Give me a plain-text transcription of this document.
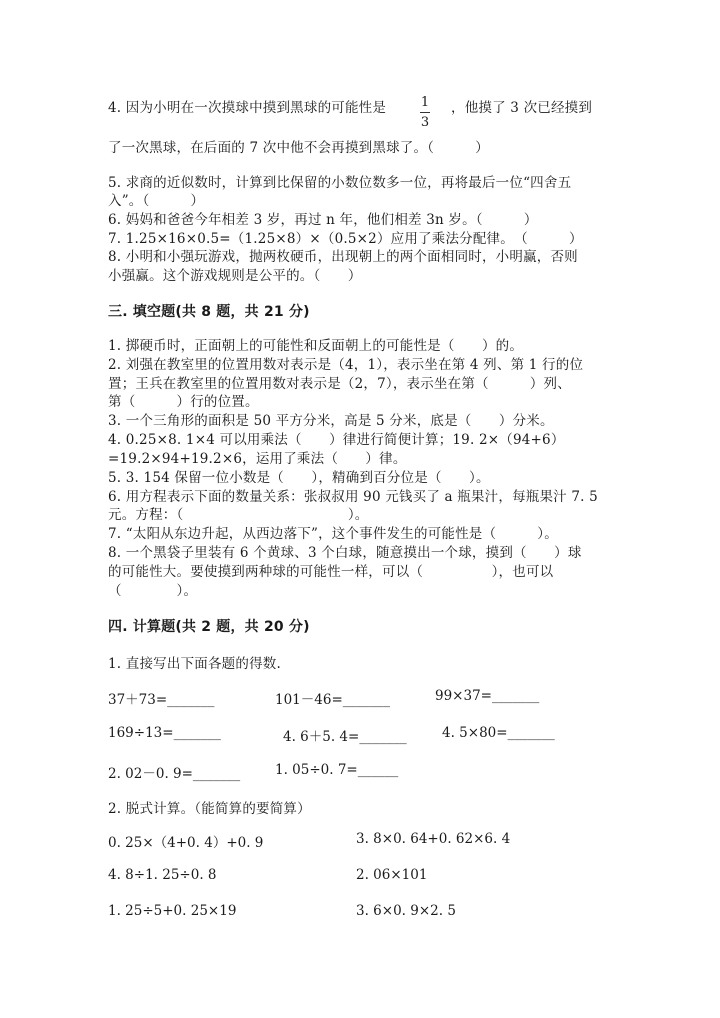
4. 因为小明在一次摸球中摸到黑球的可能性是	1
3
，他摸了 3 次已经摸到
了一次黑球，在后面的 7 次中他不会再摸到黑球了。（　　　）
5. 求商的近似数时，计算到比保留的小数位数多一位，再将最后一位“四舍五
入”。（　　　）
6. 妈妈和爸爸今年相差 3 岁，再过 n 年，他们相差 3n 岁。（　　　）
7. 1.25×16×0.5=（1.25×8）×（0.5×2）应用了乘法分配律。　（　　　）
8. 小明和小强玩游戏，抛两枚硬币，出现朝上的两个面相同时，小明赢，否则
小强赢。这个游戏规则是公平的。（　　）
三. 填空题(共 8 题，共 21 分)
1. 掷硬币时，正面朝上的可能性和反面朝上的可能性是（　　）的。
2. 刘强在教室里的位置用数对表示是（4，1），表示坐在第 4 列、第 1 行的位
置；王兵在教室里的位置用数对表示是（2，7），表示坐在第（　　　）列、
第（　　　）行的位置。
3. 一个三角形的面积是 50 平方分米，高是 5 分米，底是（　　）分米。
4. 0.25×8. 1×4 可以用乘法（　　）律进行简便计算；19. 2×（94+6）
=19.2×94+19.2×6，运用了乘法（　　）律。
5. 3. 154 保留一位小数是（　　），精确到百分位是（　　）。
6. 用方程表示下面的数量关系：张叔叔用 90 元钱买了 a 瓶果汁，每瓶果汁 7. 5
元。方程：（　　　　　　　　　　　　）。
7. “太阳从东边升起，从西边落下”，这个事件发生的可能性是（　　　）。
8. 一个黑袋子里装有 6 个黄球、3 个白球，随意摸出一个球，摸到（　　）球
的可能性大。要使摸到两种球的可能性一样，可以（　　　　　），也可以
（　　　　）。
四. 计算题(共 2 题，共 20 分)
1. 直接写出下面各题的得数.
37＋73=_______	101－46=_______	99×37=_______
169÷13=_______	4. 6＋5. 4=_______	4. 5×80=_______
2. 02－0. 9=_______	1. 05÷0. 7=______
2. 脱式计算。（能简算的要简算）
0. 25×（4+0. 4）+0. 9	3. 8×0. 64+0. 62×6. 4
4. 8÷1. 25÷0. 8	2. 06×101
1. 25÷5+0. 25×19	3. 6×0. 9×2. 5
